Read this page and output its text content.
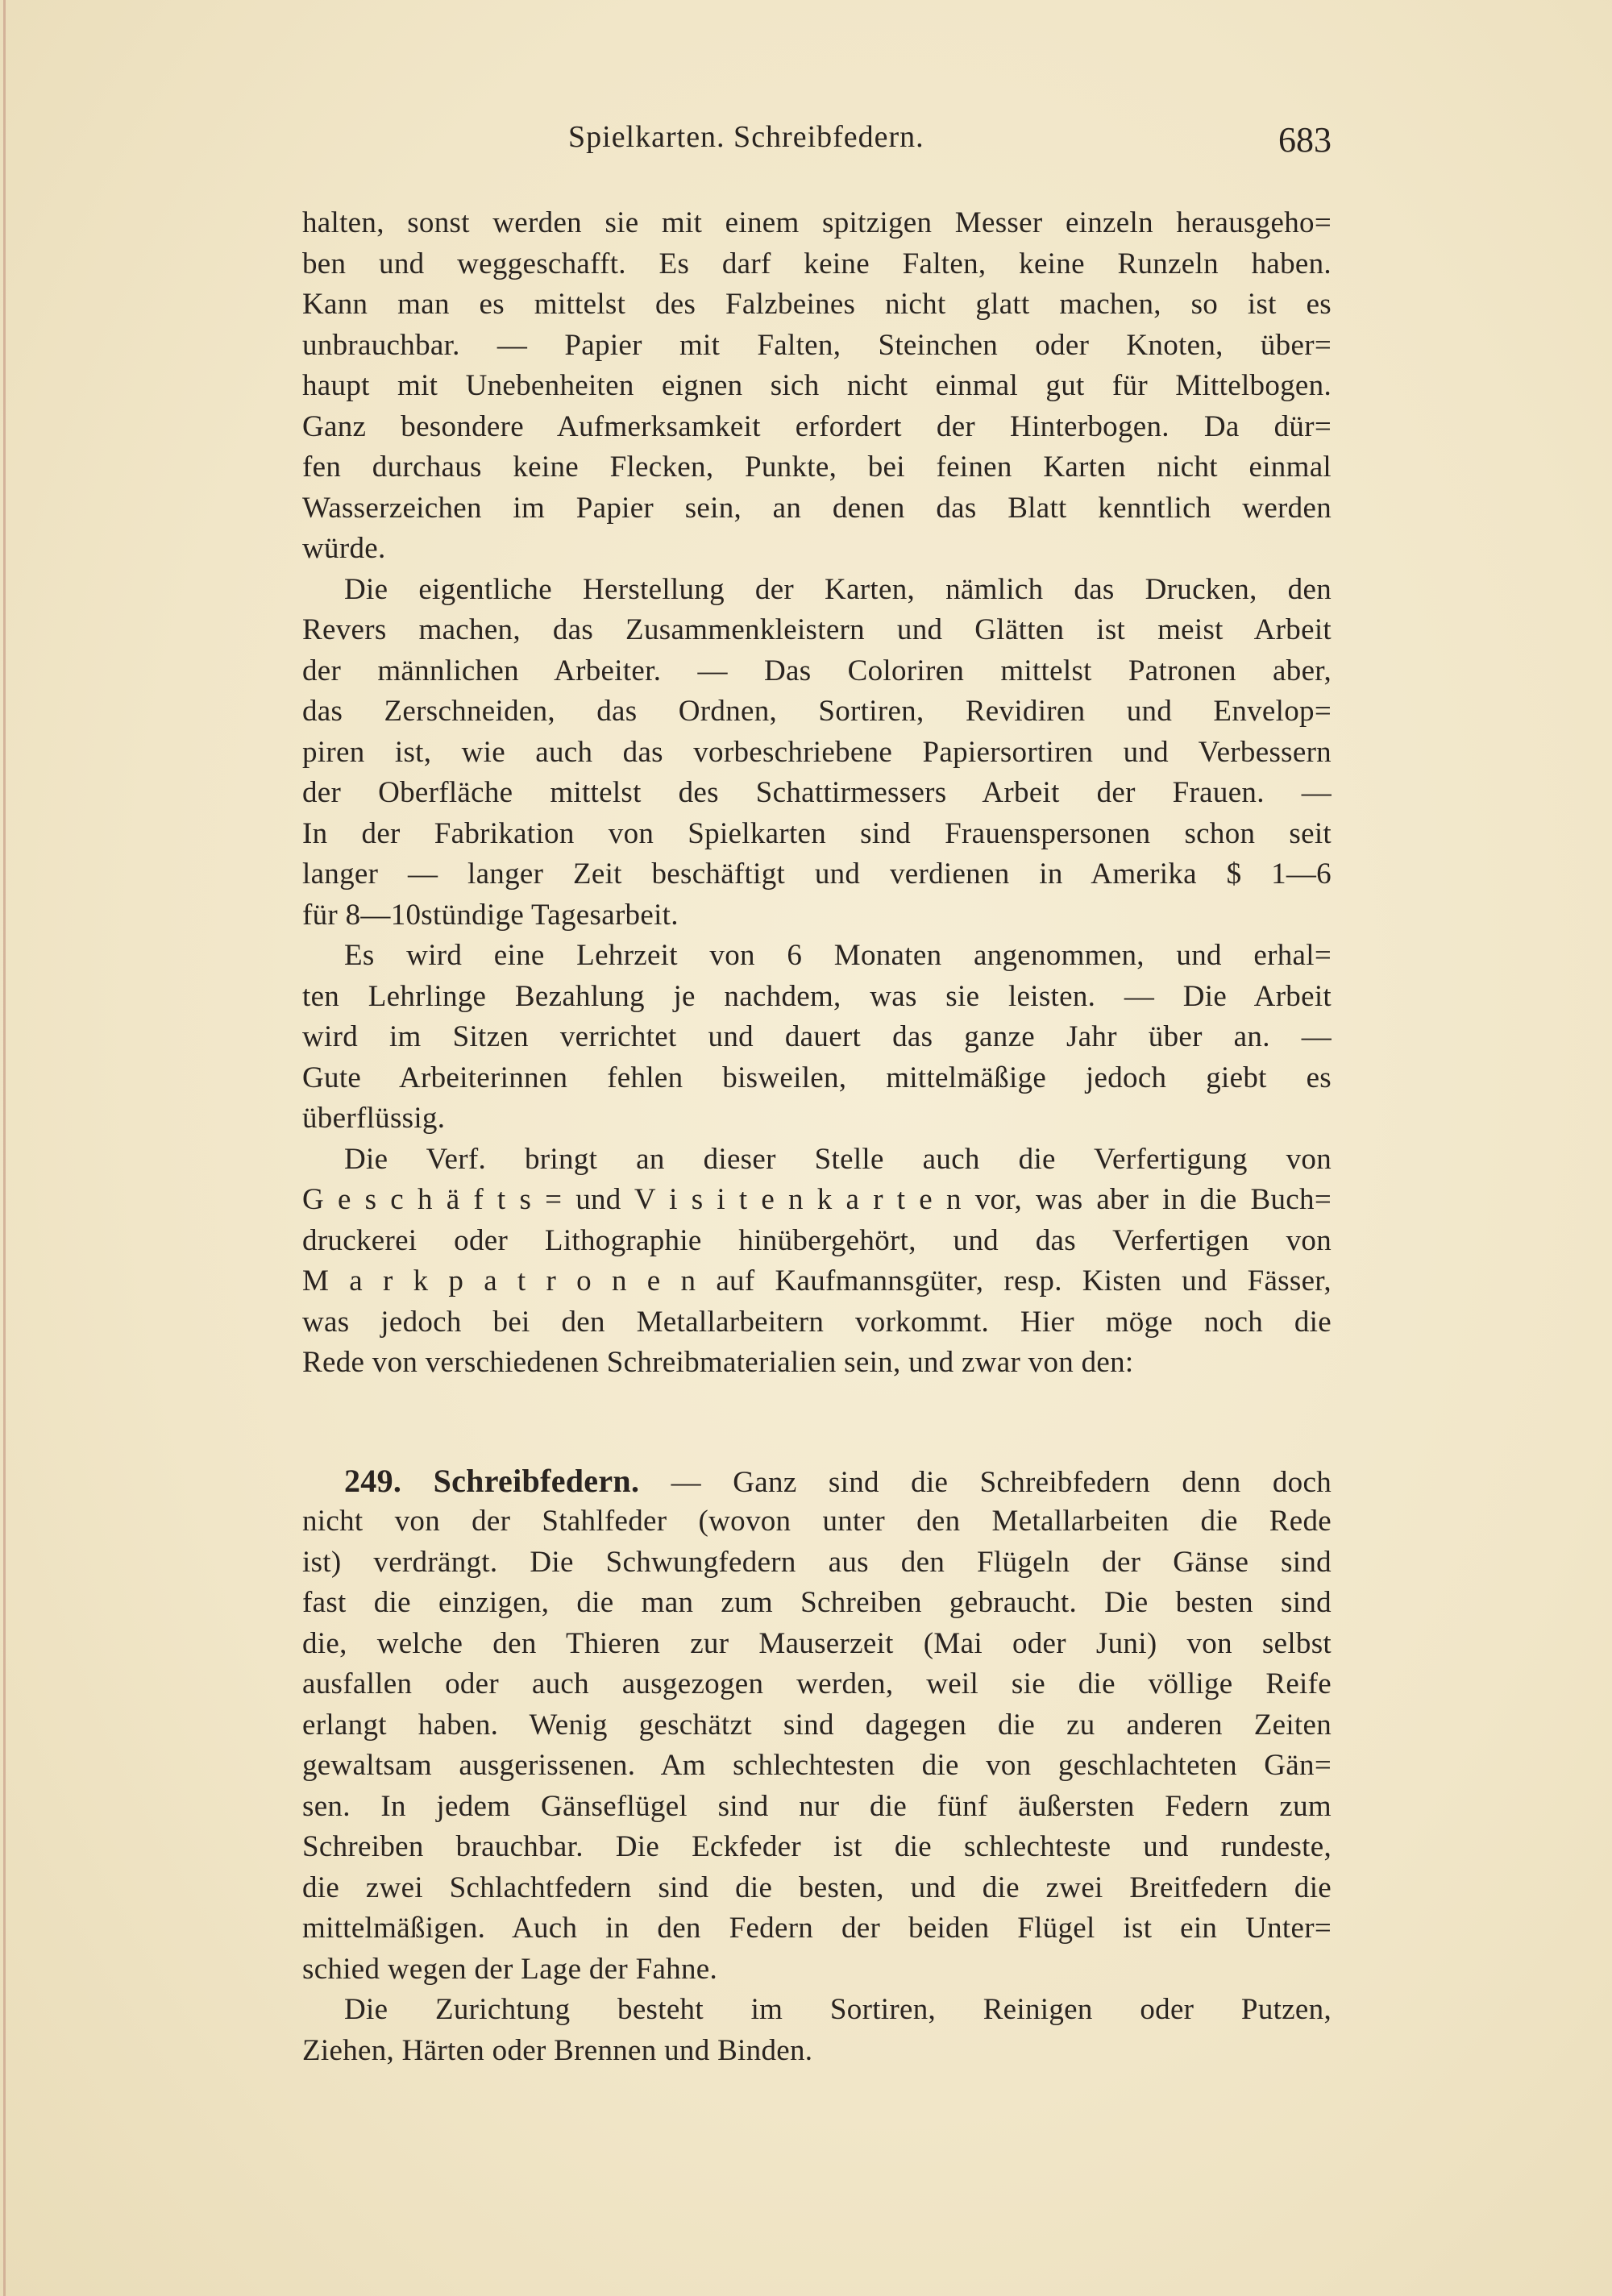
Spielkarten. Schreibfedern.	683
halten, sonst werden sie mit einem spitzigen Messer einzeln herausgeho=
ben und weggeschafft. Es darf keine Falten, keine Runzeln haben.
Kann man es mittelst des Falzbeines nicht glatt machen, so ist es
unbrauchbar. — Papier mit Falten, Steinchen oder Knoten, über=
haupt mit Unebenheiten eignen sich nicht einmal gut für Mittelbogen.
Ganz besondere Aufmerksamkeit erfordert der Hinterbogen. Da dür=
fen durchaus keine Flecken, Punkte, bei feinen Karten nicht einmal
Wasserzeichen im Papier sein, an denen das Blatt kenntlich werden
würde.
Die eigentliche Herstellung der Karten, nämlich das Drucken, den
Revers machen, das Zusammenkleistern und Glätten ist meist Arbeit
der männlichen Arbeiter. — Das Coloriren mittelst Patronen aber,
das Zerschneiden, das Ordnen, Sortiren, Revidiren und Envelop=
piren ist, wie auch das vorbeschriebene Papiersortiren und Verbessern
der Oberfläche mittelst des Schattirmessers Arbeit der Frauen. —
In der Fabrikation von Spielkarten sind Frauenspersonen schon seit
langer — langer Zeit beschäftigt und verdienen in Amerika $ 1—6
für 8—10stündige Tagesarbeit.
Es wird eine Lehrzeit von 6 Monaten angenommen, und erhal=
ten Lehrlinge Bezahlung je nachdem, was sie leisten. — Die Arbeit
wird im Sitzen verrichtet und dauert das ganze Jahr über an. —
Gute Arbeiterinnen fehlen bisweilen, mittelmäßige jedoch giebt es
überflüssig.
Die Verf. bringt an dieser Stelle auch die Verfertigung von
G e s c h ä f t s = und V i s i t e n k a r t e n vor, was aber in die Buch=
druckerei oder Lithographie hinübergehört, und das Verfertigen von
M a r k p a t r o n e n auf Kaufmannsgüter, resp. Kisten und Fässer,
was jedoch bei den Metallarbeitern vorkommt. Hier möge noch die
Rede von verschiedenen Schreibmaterialien sein, und zwar von den:
249. Schreibfedern. — Ganz sind die Schreibfedern denn doch
nicht von der Stahlfeder (wovon unter den Metallarbeiten die Rede
ist) verdrängt. Die Schwungfedern aus den Flügeln der Gänse sind
fast die einzigen, die man zum Schreiben gebraucht. Die besten sind
die, welche den Thieren zur Mauserzeit (Mai oder Juni) von selbst
ausfallen oder auch ausgezogen werden, weil sie die völlige Reife
erlangt haben. Wenig geschätzt sind dagegen die zu anderen Zeiten
gewaltsam ausgerissenen. Am schlechtesten die von geschlachteten Gän=
sen. In jedem Gänseflügel sind nur die fünf äußersten Federn zum
Schreiben brauchbar. Die Eckfeder ist die schlechteste und rundeste,
die zwei Schlachtfedern sind die besten, und die zwei Breitfedern die
mittelmäßigen. Auch in den Federn der beiden Flügel ist ein Unter=
schied wegen der Lage der Fahne.
Die Zurichtung besteht im Sortiren, Reinigen oder Putzen,
Ziehen, Härten oder Brennen und Binden.
